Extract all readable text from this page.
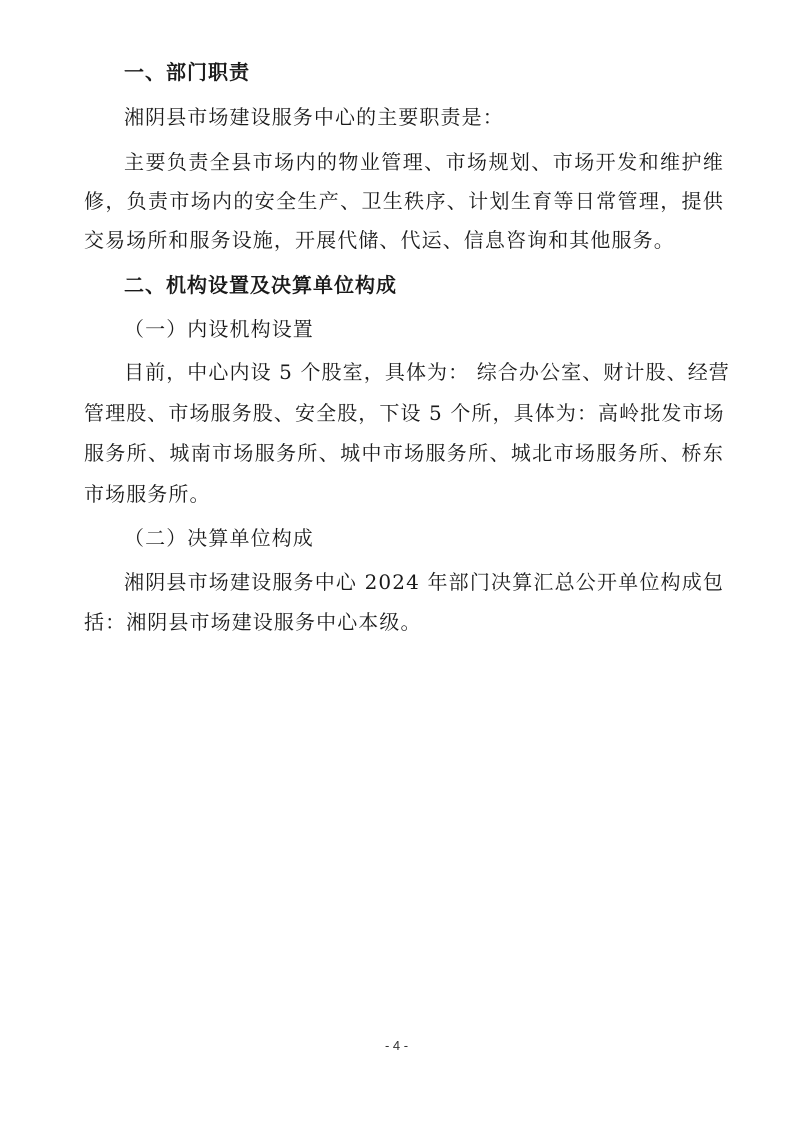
一、部门职责
湘阴县市场建设服务中心的主要职责是：
主要负责全县市场内的物业管理、市场规划、市场开发和维护维
修，负责市场内的安全生产、卫生秩序、计划生育等日常管理，提供
交易场所和服务设施，开展代储、代运、信息咨询和其他服务。
二、机构设置及决算单位构成
（一）内设机构设置
目前，中心内设 5 个股室，具体为： 综合办公室、财计股、经营
管理股、市场服务股、安全股，下设 5 个所，具体为：高岭批发市场
服务所、城南市场服务所、城中市场服务所、城北市场服务所、桥东
市场服务所。
（二）决算单位构成
湘阴县市场建设服务中心 2024 年部门决算汇总公开单位构成包
括：湘阴县市场建设服务中心本级。
- 4 -
